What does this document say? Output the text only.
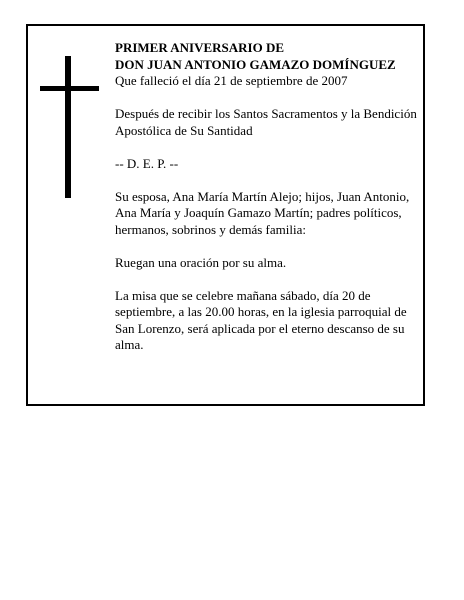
PRIMER ANIVERSARIO DE
DON JUAN ANTONIO GAMAZO DOMÍNGUEZ
Que falleció el día 21 de septiembre de 2007

Después de recibir los Santos Sacramentos y la Bendición Apostólica de Su Santidad

-- D. E. P. --

Su esposa, Ana María Martín Alejo; hijos, Juan Antonio, Ana María y Joaquín Gamazo Martín; padres políticos, hermanos, sobrinos y demás familia:

Ruegan una oración por su alma.

La misa que se celebre mañana sábado, día 20 de septiembre, a las 20.00 horas, en la iglesia parroquial de San Lorenzo, será aplicada por el eterno descanso de su alma.
